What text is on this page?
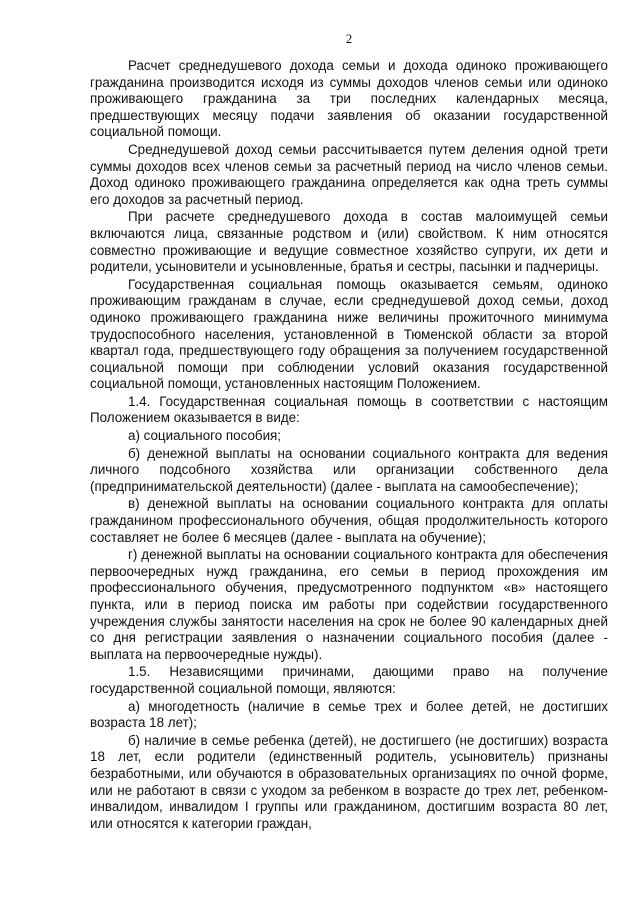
2

Расчет среднедушевого дохода семьи и дохода одиноко проживающего гражданина производится исходя из суммы доходов членов семьи или одиноко проживающего гражданина за три последних календарных месяца, предшествующих месяцу подачи заявления об оказании государственной социальной помощи.

Среднедушевой доход семьи рассчитывается путем деления одной трети суммы доходов всех членов семьи за расчетный период на число членов семьи. Доход одиноко проживающего гражданина определяется как одна треть суммы его доходов за расчетный период.

При расчете среднедушевого дохода в состав малоимущей семьи включаются лица, связанные родством и (или) свойством. К ним относятся совместно проживающие и ведущие совместное хозяйство супруги, их дети и родители, усыновители и усыновленные, братья и сестры, пасынки и падчерицы.

Государственная социальная помощь оказывается семьям, одиноко проживающим гражданам в случае, если среднедушевой доход семьи, доход одиноко проживающего гражданина ниже величины прожиточного минимума трудоспособного населения, установленной в Тюменской области за второй квартал года, предшествующего году обращения за получением государственной социальной помощи при соблюдении условий оказания государственной социальной помощи, установленных настоящим Положением.

1.4. Государственная социальная помощь в соответствии с настоящим Положением оказывается в виде:

а) социального пособия;

б) денежной выплаты на основании социального контракта для ведения личного подсобного хозяйства или организации собственного дела (предпринимательской деятельности) (далее - выплата на самообеспечение);

в) денежной выплаты на основании социального контракта для оплаты гражданином профессионального обучения, общая продолжительность которого составляет не более 6 месяцев (далее - выплата на обучение);

г) денежной выплаты на основании социального контракта для обеспечения первоочередных нужд гражданина, его семьи в период прохождения им профессионального обучения, предусмотренного подпунктом «в» настоящего пункта, или в период поиска им работы при содействии государственного учреждения службы занятости населения на срок не более 90 календарных дней со дня регистрации заявления о назначении социального пособия (далее - выплата на первоочередные нужды).

1.5. Независящими причинами, дающими право на получение государственной социальной помощи, являются:

а) многодетность (наличие в семье трех и более детей, не достигших возраста 18 лет);

б) наличие в семье ребенка (детей), не достигшего (не достигших) возраста 18 лет, если родители (единственный родитель, усыновитель) признаны безработными, или обучаются в образовательных организациях по очной форме, или не работают в связи с уходом за ребенком в возрасте до трех лет, ребенком-инвалидом, инвалидом I группы или гражданином, достигшим возраста 80 лет, или относятся к категории граждан,
